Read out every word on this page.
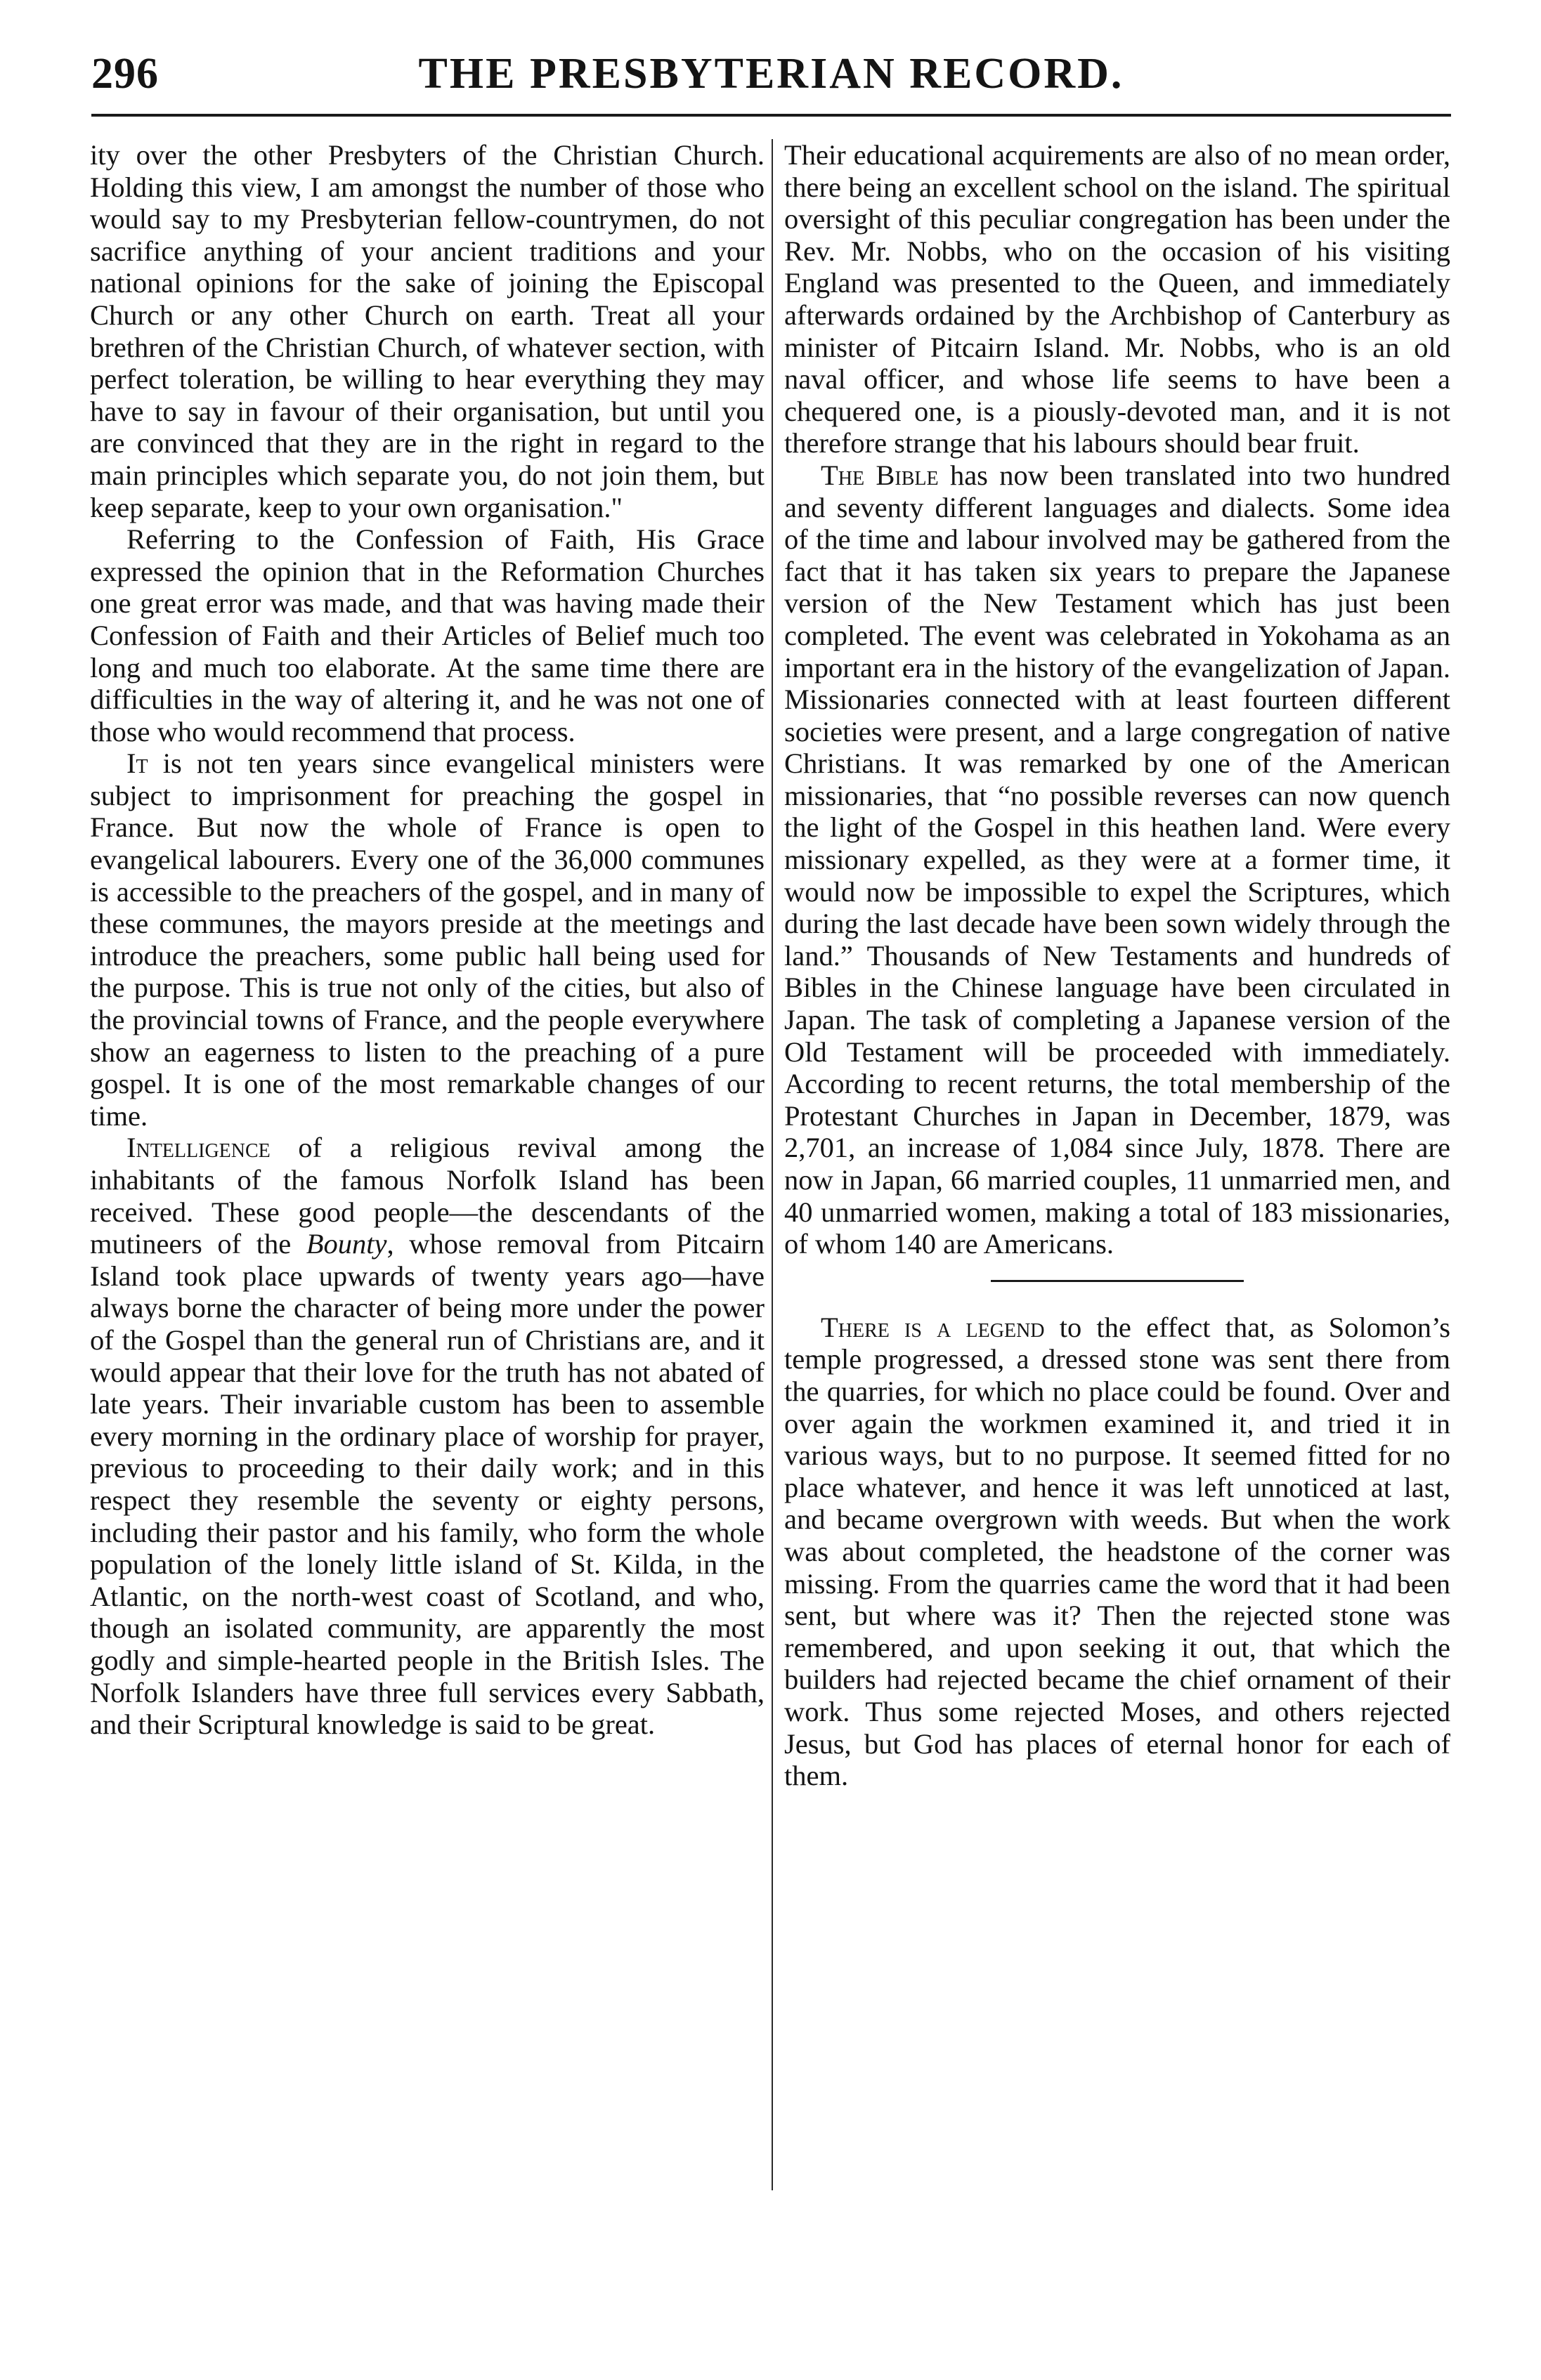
296	THE PRESBYTERIAN RECORD.

ity over the other Presbyters of the Christian Church. Holding this view, I am amongst the number of those who would say to my Presbyterian fellow-countrymen, do not sacrifice anything of your ancient traditions and your national opinions for the sake of joining the Episcopal Church or any other Church on earth. Treat all your brethren of the Christian Church, of whatever section, with perfect toleration, be willing to hear everything they may have to say in favour of their organisation, but until you are convinced that they are in the right in regard to the main principles which separate you, do not join them, but keep separate, keep to your own organisation."

Referring to the Confession of Faith, His Grace expressed the opinion that in the Reformation Churches one great error was made, and that was having made their Confession of Faith and their Articles of Belief much too long and much too elaborate. At the same time there are difficulties in the way of altering it, and he was not one of those who would recommend that process.

It is not ten years since evangelical ministers were subject to imprisonment for preaching the gospel in France. But now the whole of France is open to evangelical labourers. Every one of the 36,000 communes is accessible to the preachers of the gospel, and in many of these communes, the mayors preside at the meetings and introduce the preachers, some public hall being used for the purpose. This is true not only of the cities, but also of the provincial towns of France, and the people everywhere show an eagerness to listen to the preaching of a pure gospel. It is one of the most remarkable changes of our time.

Intelligence of a religious revival among the inhabitants of the famous Norfolk Island has been received. These good people—the descendants of the mutineers of the Bounty, whose removal from Pitcairn Island took place upwards of twenty years ago—have always borne the character of being more under the power of the Gospel than the general run of Christians are, and it would appear that their love for the truth has not abated of late years. Their invariable custom has been to assemble every morning in the ordinary place of worship for prayer, previous to proceeding to their daily work; and in this respect they resemble the seventy or eighty persons, including their pastor and his family, who form the whole population of the lonely little island of St. Kilda, in the Atlantic, on the north-west coast of Scotland, and who, though an isolated community, are apparently the most godly and simple-hearted people in the British Isles. The Norfolk Islanders have three full services every Sabbath, and their Scriptural knowledge is said to be great.

Their educational acquirements are also of no mean order, there being an excellent school on the island. The spiritual oversight of this peculiar congregation has been under the Rev. Mr. Nobbs, who on the occasion of his visiting England was presented to the Queen, and immediately afterwards ordained by the Archbishop of Canterbury as minister of Pitcairn Island. Mr. Nobbs, who is an old naval officer, and whose life seems to have been a chequered one, is a piously-devoted man, and it is not therefore strange that his labours should bear fruit.

The Bible has now been translated into two hundred and seventy different languages and dialects. Some idea of the time and labour involved may be gathered from the fact that it has taken six years to prepare the Japanese version of the New Testament which has just been completed. The event was celebrated in Yokohama as an important era in the history of the evangelization of Japan. Missionaries connected with at least fourteen different societies were present, and a large congregation of native Christians. It was remarked by one of the American missionaries, that “no possible reverses can now quench the light of the Gospel in this heathen land. Were every missionary expelled, as they were at a former time, it would now be impossible to expel the Scriptures, which during the last decade have been sown widely through the land.” Thousands of New Testaments and hundreds of Bibles in the Chinese language have been circulated in Japan. The task of completing a Japanese version of the Old Testament will be proceeded with immediately. According to recent returns, the total membership of the Protestant Churches in Japan in December, 1879, was 2,701, an increase of 1,084 since July, 1878. There are now in Japan, 66 married couples, 11 unmarried men, and 40 unmarried women, making a total of 183 missionaries, of whom 140 are Americans.

There is a legend to the effect that, as Solomon’s temple progressed, a dressed stone was sent there from the quarries, for which no place could be found. Over and over again the workmen examined it, and tried it in various ways, but to no purpose. It seemed fitted for no place whatever, and hence it was left unnoticed at last, and became overgrown with weeds. But when the work was about completed, the headstone of the corner was missing. From the quarries came the word that it had been sent, but where was it? Then the rejected stone was remembered, and upon seeking it out, that which the builders had rejected became the chief ornament of their work. Thus some rejected Moses, and others rejected Jesus, but God has places of eternal honor for each of them.
